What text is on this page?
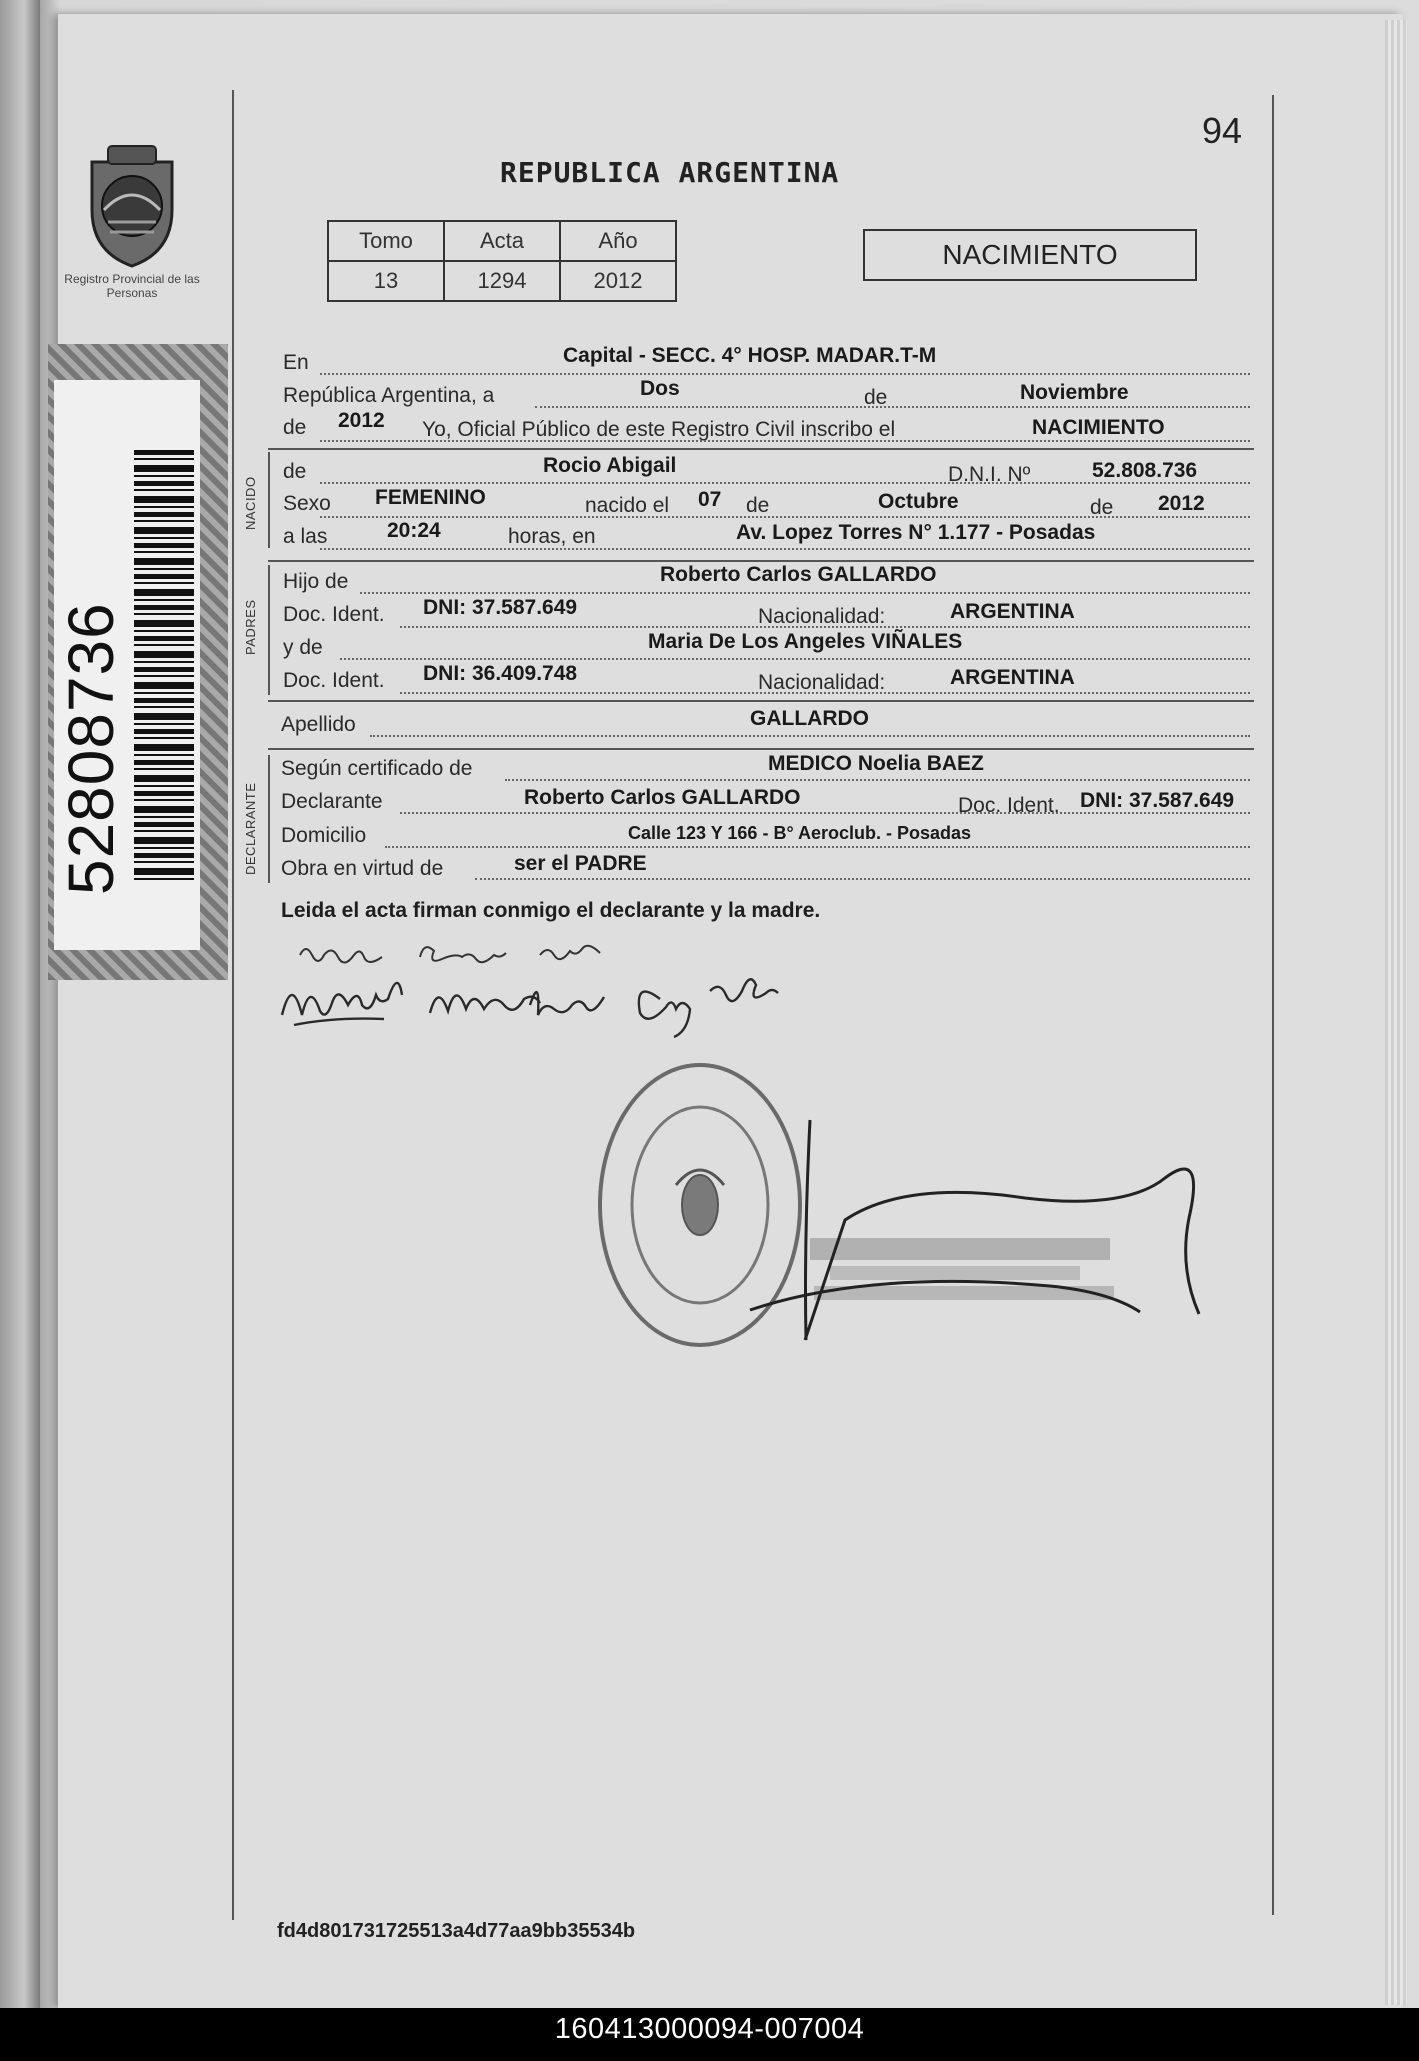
Registro Provincial de las Personas
52808736
94
REPUBLICA ARGENTINA
Tomo	Acta	Año
13	1294	2012
NACIMIENTO
En	Capital - SECC. 4° HOSP. MADAR.T-M
República Argentina, a	Dos	de	Noviembre
de 2012 Yo, Oficial Público de este Registro Civil inscribo el	NACIMIENTO
NACIDO
de	Rocio Abigail	D.N.I. Nº	52.808.736
Sexo FEMENINO	nacido el 07 de	Octubre	de 2012
a las	20:24	horas, en	Av. Lopez Torres N° 1.177 - Posadas
PADRES
Hijo de	Roberto Carlos GALLARDO
Doc. Ident. DNI: 37.587.649	Nacionalidad:	ARGENTINA
y de	Maria De Los Angeles VIÑALES
Doc. Ident. DNI: 36.409.748	Nacionalidad:	ARGENTINA
Apellido	GALLARDO
DECLARANTE
Según certificado de	MEDICO Noelia BAEZ
Declarante	Roberto Carlos GALLARDO	Doc. Ident. DNI: 37.587.649
Domicilio	Calle 123 Y 166 - B° Aeroclub. - Posadas
Obra en virtud de	ser el PADRE
Leida el acta firman conmigo el declarante y la madre.
fd4d801731725513a4d77aa9bb35534b
160413000094-007004
